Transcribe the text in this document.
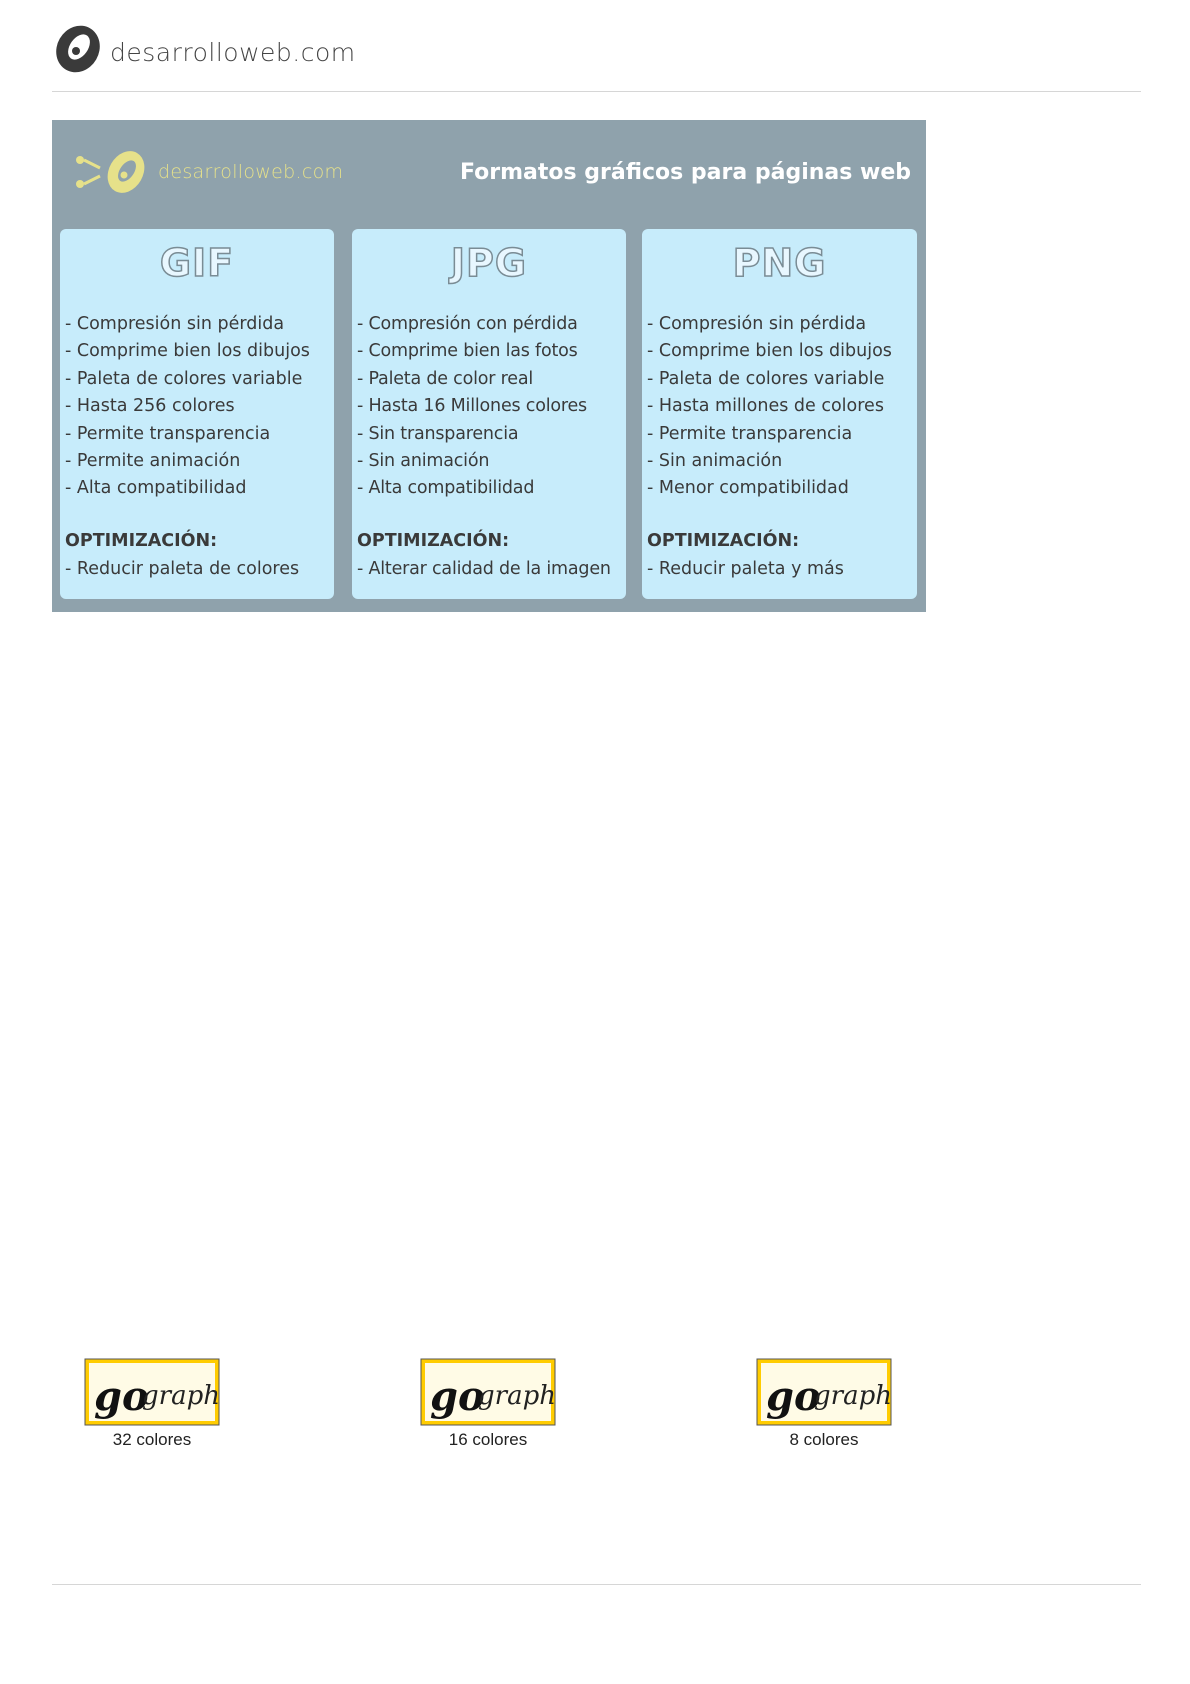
desarrolloweb.com
desarrolloweb.com	Formatos gráficos para páginas web
GIF
- Compresión sin pérdida
- Comprime bien los dibujos
- Paleta de colores variable
- Hasta 256 colores
- Permite transparencia
- Permite animación
- Alta compatibilidad
OPTIMIZACIÓN:
- Reducir paleta de colores
JPG
- Compresión con pérdida
- Comprime bien las fotos
- Paleta de color real
- Hasta 16 Millones colores
- Sin transparencia
- Sin animación
- Alta compatibilidad
OPTIMIZACIÓN:
- Alterar calidad de la imagen
PNG
- Compresión sin pérdida
- Comprime bien los dibujos
- Paleta de colores variable
- Hasta millones de colores
- Permite transparencia
- Sin animación
- Menor compatibilidad
OPTIMIZACIÓN:
- Reducir paleta y más
go
graph
32 colores
go
graph
16 colores
go
graph
8 colores
